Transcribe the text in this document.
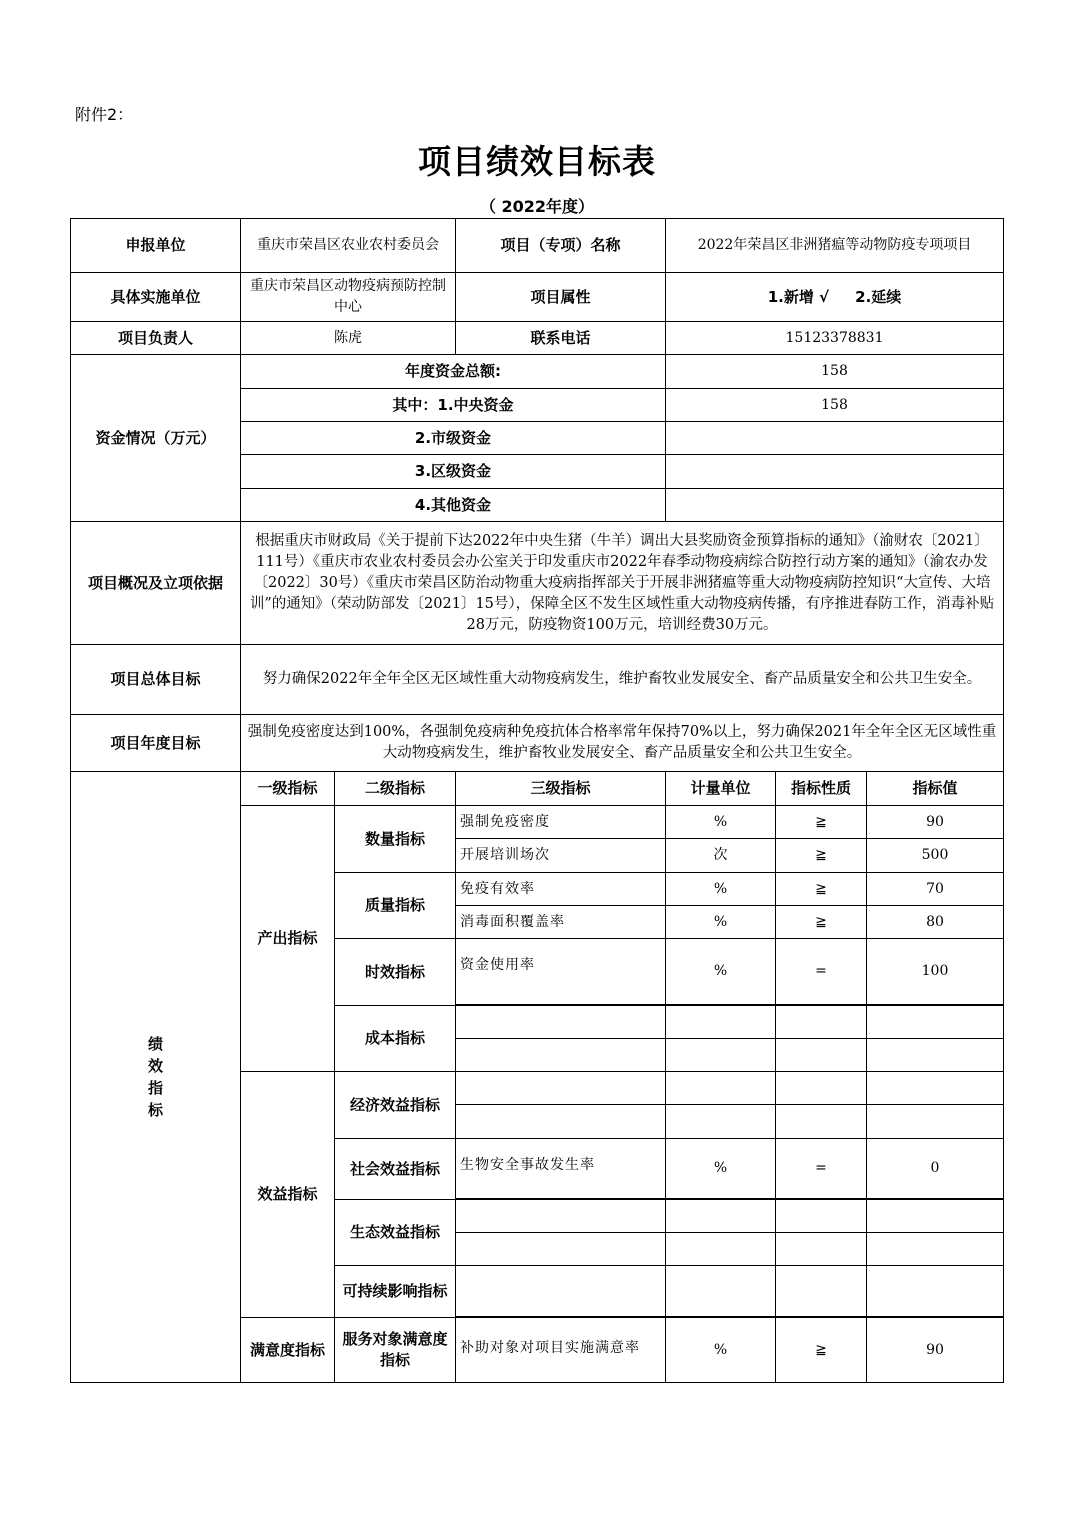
附件2：
项目绩效目标表
（ 2022年度）
申报单位	重庆市荣昌区农业农村委员会		项目（专项）名称	2022年荣昌区非洲猪瘟等动物防疫专项项目		
具体实施单位	重庆市荣昌区动物疫病预防控制中心		项目属性	1.新增 √     2.延续		
项目负责人	陈虎		联系电话	15123378831		
资金情况（万元）	年度资金总额:			158		
	其中：1.中央资金			158		
	2.市级资金					
	3.区级资金					
	4.其他资金					
项目概况及立项依据	根据重庆市财政局《关于提前下达2022年中央生猪（牛羊）调出大县奖励资金预算指标的通知》（渝财农〔2021〕111号）《重庆市农业农村委员会办公室关于印发重庆市2022年春季动物疫病综合防控行动方案的通知》（渝农办发〔2022〕30号）《重庆市荣昌区防治动物重大疫病指挥部关于开展非洲猪瘟等重大动物疫病防控知识“大宣传、大培训”的通知》（荣动防部发〔2021〕15号），保障全区不发生区域性重大动物疫病传播，有序推进春防工作，消毒补贴28万元，防疫物资100万元，培训经费30万元。					
项目总体目标	努力确保2022年全年全区无区域性重大动物疫病发生，维护畜牧业发展安全、畜产品质量安全和公共卫生安全。					
项目年度目标	强制免疫密度达到100%，各强制免疫病种免疫抗体合格率常年保持70%以上，努力确保2021年全年全区无区域性重大动物疫病发生，维护畜牧业发展安全、畜产品质量安全和公共卫生安全。					

绩效指标	一级指标	二级指标	三级指标	计量单位	指标性质	指标值
	产出指标	数量指标	强制免疫密度	%	≧	90
			开展培训场次	次	≧	500
		质量指标	免疫有效率	%	≧	70
			消毒面积覆盖率	%	≧	80
		时效指标	资金使用率	%	=	100

		成本指标				

	效益指标	经济效益指标				

		社会效益指标	生物安全事故发生率	%	=	0

		生态效益指标				

		可持续影响指标				

	满意度指标	服务对象满意度指标	补助对象对项目实施满意率	%	≧	90
